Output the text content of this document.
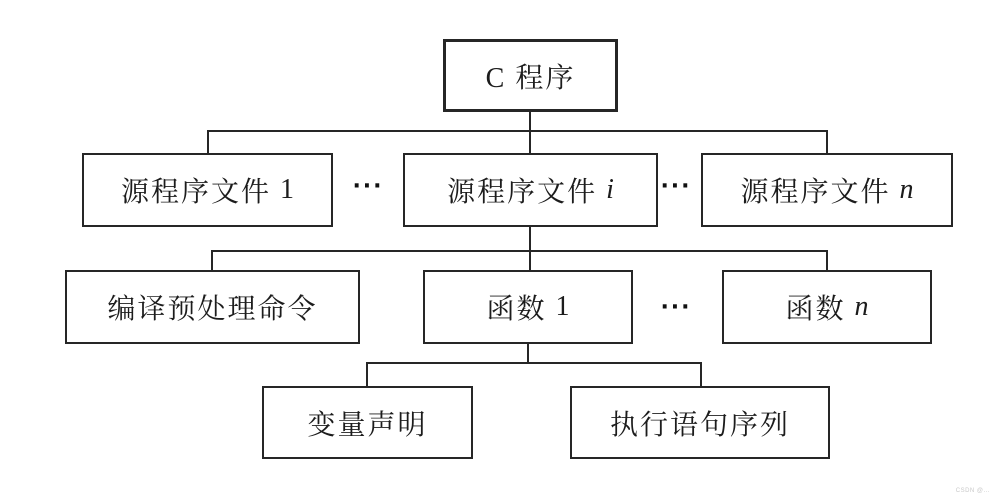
C 程序
源程序文件 1	··· 源程序文件 i ··· 源程序文件 n
编译预处理命令	函数 1	···	函数 n
变量声明	执行语句序列
CSDN @...
